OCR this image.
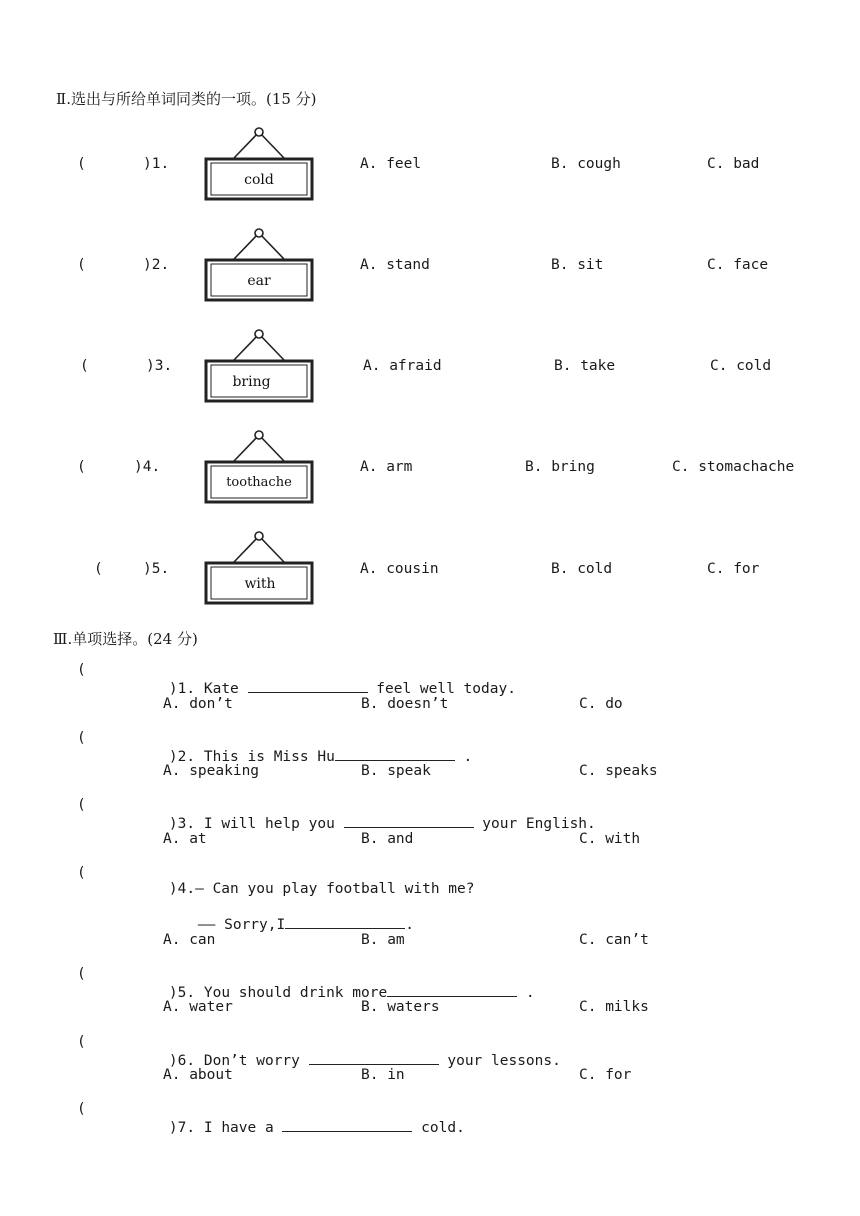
Ⅱ.选出与所给单词同类的一项。(15 分)
(	)1.
cold
A. feel	B. cough	C. bad
(	)2.
ear
A. stand	B. sit	C. face
(	)3.
bring
A. afraid	B. take	C. cold
(	)4.
toothache
A. arm	B. bring	C. stomachache
(	)5.
with
A. cousin	B. cold	C. for
Ⅲ.单项选择。(24 分)
(

)1. Kate	feel well today.

A. don’t	B. doesn’t	C. do
(

)2. This is Miss Hu	.

A. speaking	B. speak	C. speaks
(

)3. I will help you	your English.

A. at	B. and	C. with
(

)4.— Can you play football with me?

—— Sorry,I	.

A. can	B. am	C. can’t
(

)5. You should drink more	.

A. water	B. waters	C. milks
(

)6. Don’t worry	your lessons.

A. about	B. in	C. for
(

)7. I have a	cold.
